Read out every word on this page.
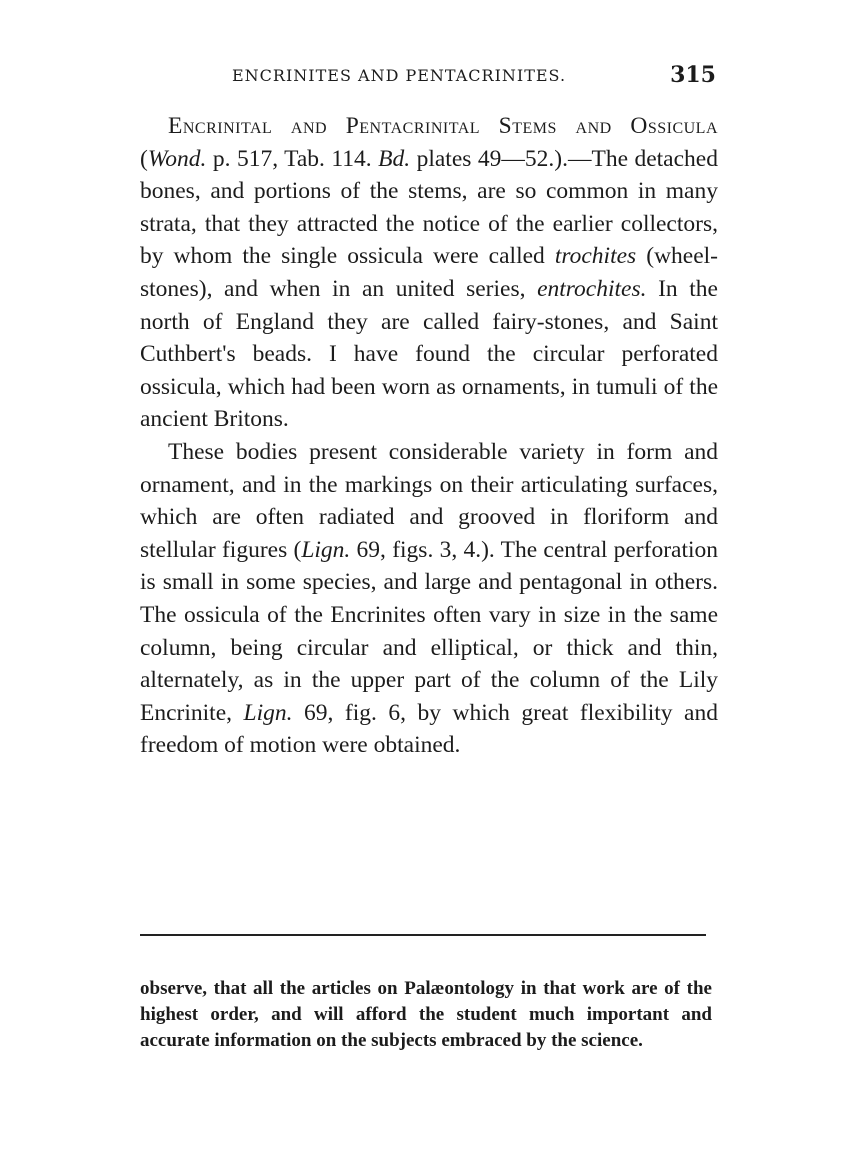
ENCRINITES AND PENTACRINITES.	315

Encrinital and Pentacrinital Stems and Ossicula (Wond. p. 517, Tab. 114. Bd. plates 49—52.).—The detached bones, and portions of the stems, are so common in many strata, that they attracted the notice of the earlier collectors, by whom the single ossicula were called trochites (wheel-stones), and when in an united series, entrochites. In the north of England they are called fairy-stones, and Saint Cuthbert's beads. I have found the circular perforated ossicula, which had been worn as ornaments, in tumuli of the ancient Britons.

These bodies present considerable variety in form and ornament, and in the markings on their articulating surfaces, which are often radiated and grooved in floriform and stellular figures (Lign. 69, figs. 3, 4.). The central perforation is small in some species, and large and pentagonal in others. The ossicula of the Encrinites often vary in size in the same column, being circular and elliptical, or thick and thin, alternately, as in the upper part of the column of the Lily Encrinite, Lign. 69, fig. 6, by which great flexibility and freedom of motion were obtained.

observe, that all the articles on Palæontology in that work are of the highest order, and will afford the student much important and accurate information on the subjects embraced by the science.
